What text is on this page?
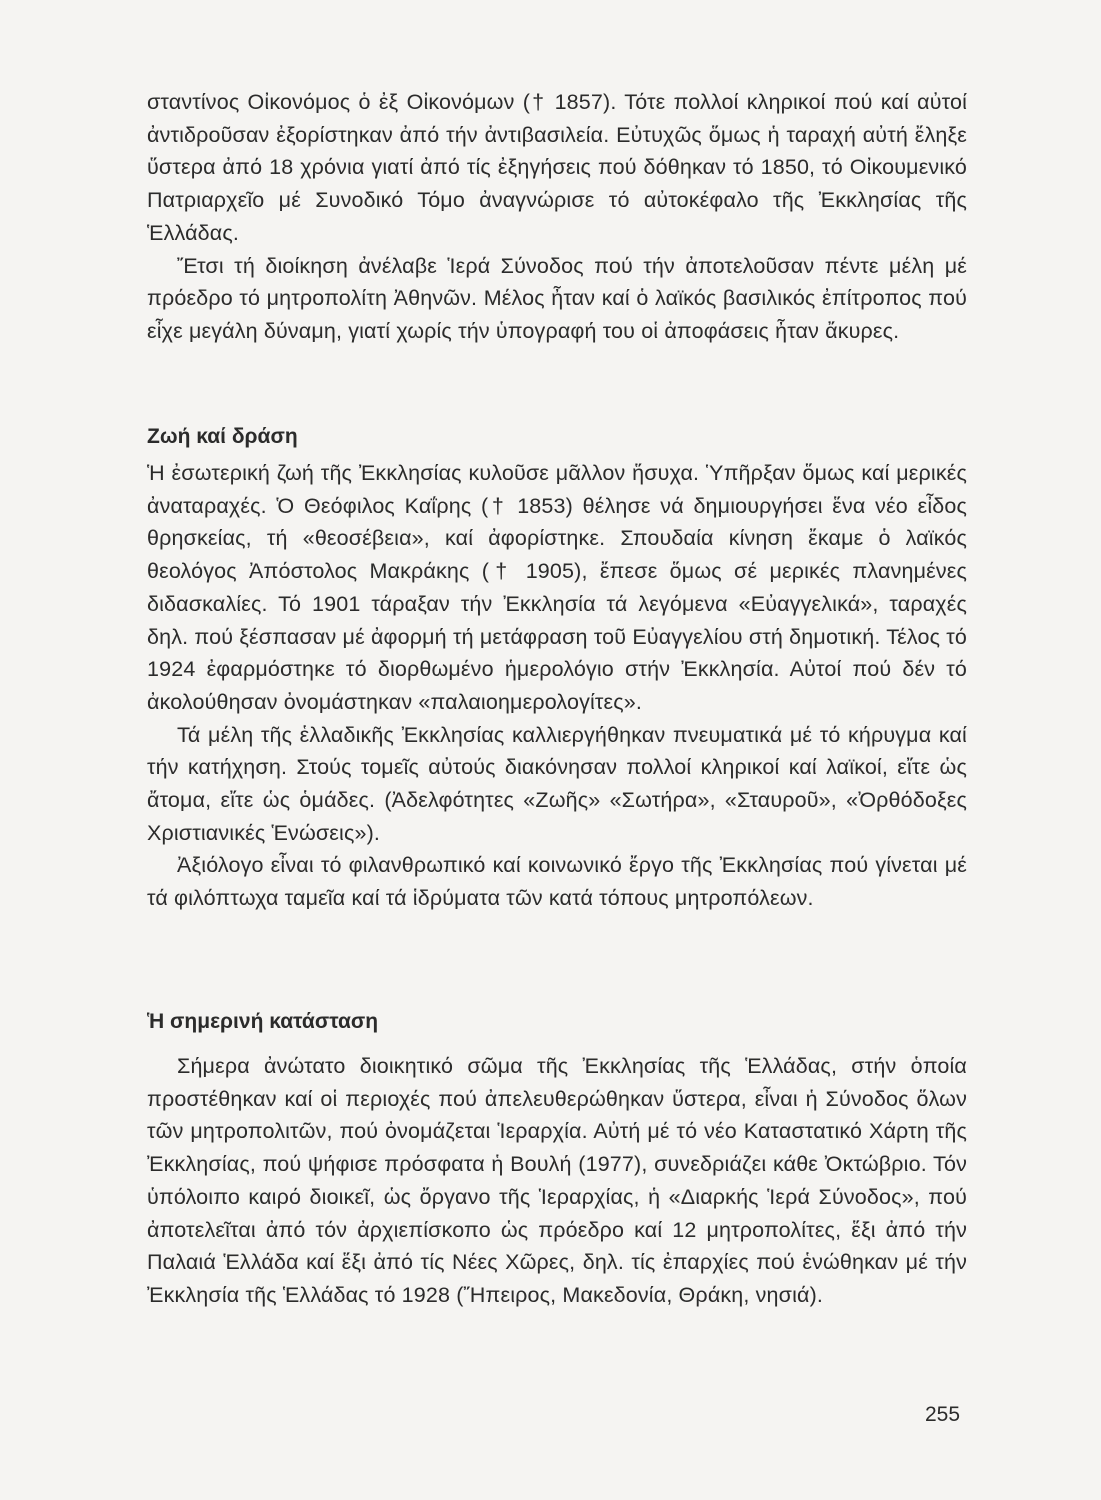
σταντίνος Οἰκονόμος ὁ ἐξ Οἰκονόμων († 1857). Τότε πολλοί κληρικοί πού καί αὐτοί ἀντιδροῦσαν ἐξορίστηκαν ἀπό τήν ἀντιβασιλεία. Εὐτυχῶς ὅμως ἡ ταραχή αὐτή ἔληξε ὕστερα ἀπό 18 χρόνια γιατί ἀπό τίς ἐξηγήσεις πού δόθηκαν τό 1850, τό Οἰκουμενικό Πατριαρχεῖο μέ Συνοδικό Τόμο ἀναγνώρισε τό αὐτοκέφαλο τῆς Ἐκκλησίας τῆς Ἑλλάδας.

Ἔτσι τή διοίκηση ἀνέλαβε Ἱερά Σύνοδος πού τήν ἀποτελοῦσαν πέντε μέλη μέ πρόεδρο τό μητροπολίτη Ἀθηνῶν. Μέλος ἦταν καί ὁ λαϊκός βασιλικός ἐπίτροπος πού εἶχε μεγάλη δύναμη, γιατί χωρίς τήν ὑπογραφή του οἱ ἀποφάσεις ἦταν ἄκυρες.

Ζωή καί δράση

Ἡ ἐσωτερική ζωή τῆς Ἐκκλησίας κυλοῦσε μᾶλλον ἥσυχα. Ὑπῆρξαν ὅμως καί μερικές ἀναταραχές. Ὁ Θεόφιλος Καΐρης († 1853) θέλησε νά δημιουργήσει ἕνα νέο εἶδος θρησκείας, τή «θεοσέβεια», καί ἀφορίστηκε. Σπουδαία κίνηση ἔκαμε ὁ λαϊκός θεολόγος Ἀπόστολος Μακράκης († 1905), ἔπεσε ὅμως σέ μερικές πλανημένες διδασκαλίες. Τό 1901 τάραξαν τήν Ἐκκλησία τά λεγόμενα «Εὐαγγελικά», ταραχές δηλ. πού ξέσπασαν μέ ἀφορμή τή μετάφραση τοῦ Εὐαγγελίου στή δημοτική. Τέλος τό 1924 ἐφαρμόστηκε τό διορθωμένο ἡμερολόγιο στήν Ἐκκλησία. Αὐτοί πού δέν τό ἀκολούθησαν ὀνομάστηκαν «παλαιοημερολογίτες».

Τά μέλη τῆς ἑλλαδικῆς Ἐκκλησίας καλλιεργήθηκαν πνευματικά μέ τό κήρυγμα καί τήν κατήχηση. Στούς τομεῖς αὐτούς διακόνησαν πολλοί κληρικοί καί λαϊκοί, εἴτε ὡς ἄτομα, εἴτε ὡς ὁμάδες. (Ἀδελφότητες «Ζωῆς» «Σωτήρα», «Σταυροῦ», «Ὀρθόδοξες Χριστιανικές Ἑνώσεις»).

Ἀξιόλογο εἶναι τό φιλανθρωπικό καί κοινωνικό ἔργο τῆς Ἐκκλησίας πού γίνεται μέ τά φιλόπτωχα ταμεῖα καί τά ἱδρύματα τῶν κατά τόπους μητροπόλεων.

Ἡ σημερινή κατάσταση

Σήμερα ἀνώτατο διοικητικό σῶμα τῆς Ἐκκλησίας τῆς Ἑλλάδας, στήν ὁποία προστέθηκαν καί οἱ περιοχές πού ἀπελευθερώθηκαν ὕστερα, εἶναι ἡ Σύνοδος ὅλων τῶν μητροπολιτῶν, πού ὀνομάζεται Ἱεραρχία. Αὐτή μέ τό νέο Καταστατικό Χάρτη τῆς Ἐκκλησίας, πού ψήφισε πρόσφατα ἡ Βουλή (1977), συνεδριάζει κάθε Ὀκτώβριο. Τόν ὑπόλοιπο καιρό διοικεῖ, ὡς ὄργανο τῆς Ἱεραρχίας, ἡ «Διαρκής Ἱερά Σύνοδος», πού ἀποτελεῖται ἀπό τόν ἀρχιεπίσκοπο ὡς πρόεδρο καί 12 μητροπολίτες, ἕξι ἀπό τήν Παλαιά Ἑλλάδα καί ἕξι ἀπό τίς Νέες Χῶρες, δηλ. τίς ἐπαρχίες πού ἑνώθηκαν μέ τήν Ἐκκλησία τῆς Ἑλλάδας τό 1928 (Ἤπειρος, Μακεδονία, Θράκη, νησιά).

255
